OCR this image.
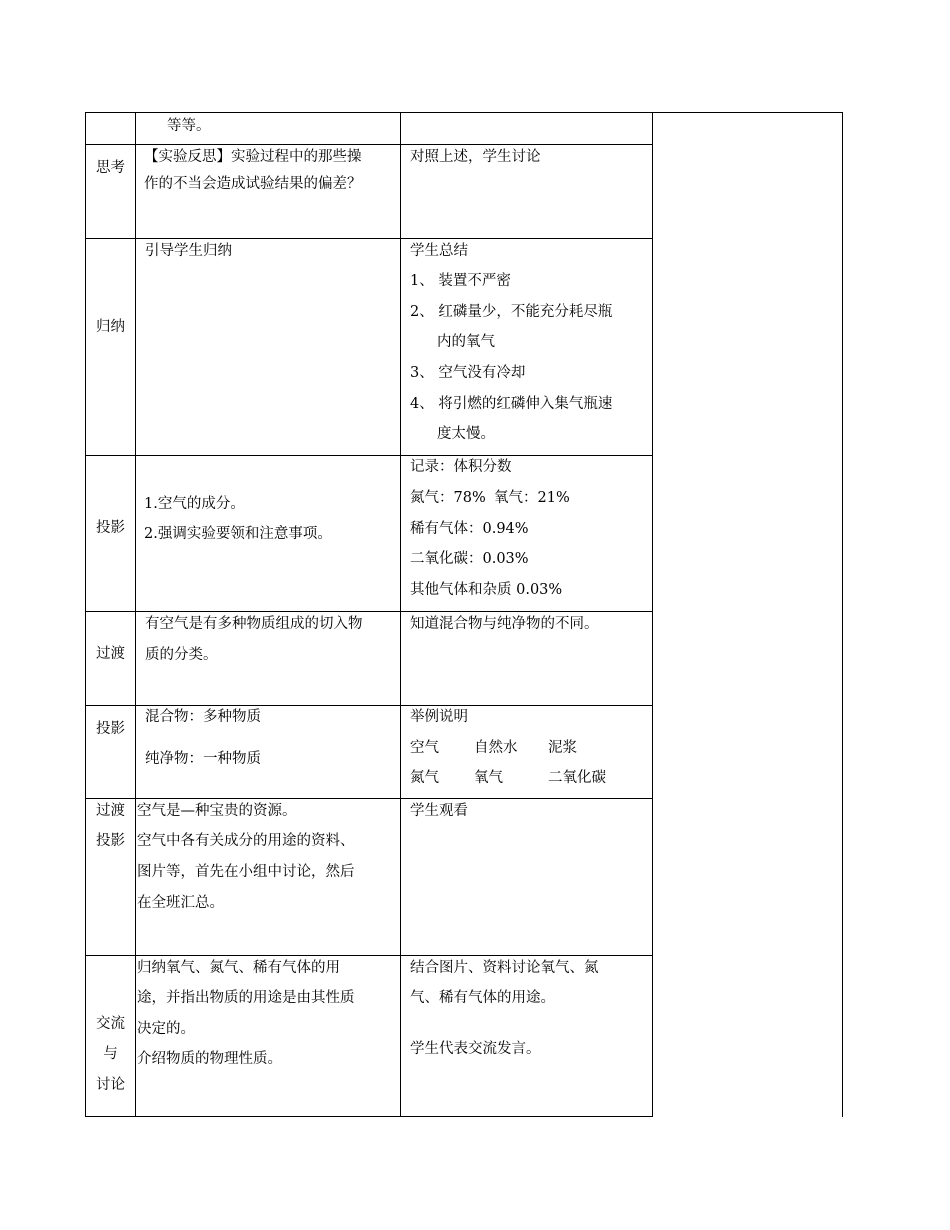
等等。
思考
【实验反思】实验过程中的那些操
作的不当会造成试验结果的偏差？
对照上述，学生讨论
归纳
引导学生归纳	学生总结
1、 装置不严密
2、 红磷量少，不能充分耗尽瓶
内的氧气
3、 空气没有冷却
4、 将引燃的红磷伸入集气瓶速
度太慢。
投影
1.空气的成分。
2.强调实验要领和注意事项。
记录：体积分数
氮气：78% 氧气：21%
稀有气体：0.94%
二氧化碳：0.03%
其他气体和杂质 0.03%
过渡
有空气是有多种物质组成的切入物
质的分类。
知道混合物与纯净物的不同。
投影
混合物：多种物质
纯净物：一种物质
举例说明
空气 自然水 泥浆
氮气 氧气	二氧化碳
过渡
投影
空气是—种宝贵的资源。
空气中各有关成分的用途的资料、
图片等，首先在小组中讨论，然后
在全班汇总。
学生观看
交流
与
讨论
归纳氧气、氮气、稀有气体的用
途，并指出物质的用途是由其性质
决定的。
介绍物质的物理性质。
结合图片、资料讨论氧气、氮
气、稀有气体的用途。
学生代表交流发言。
